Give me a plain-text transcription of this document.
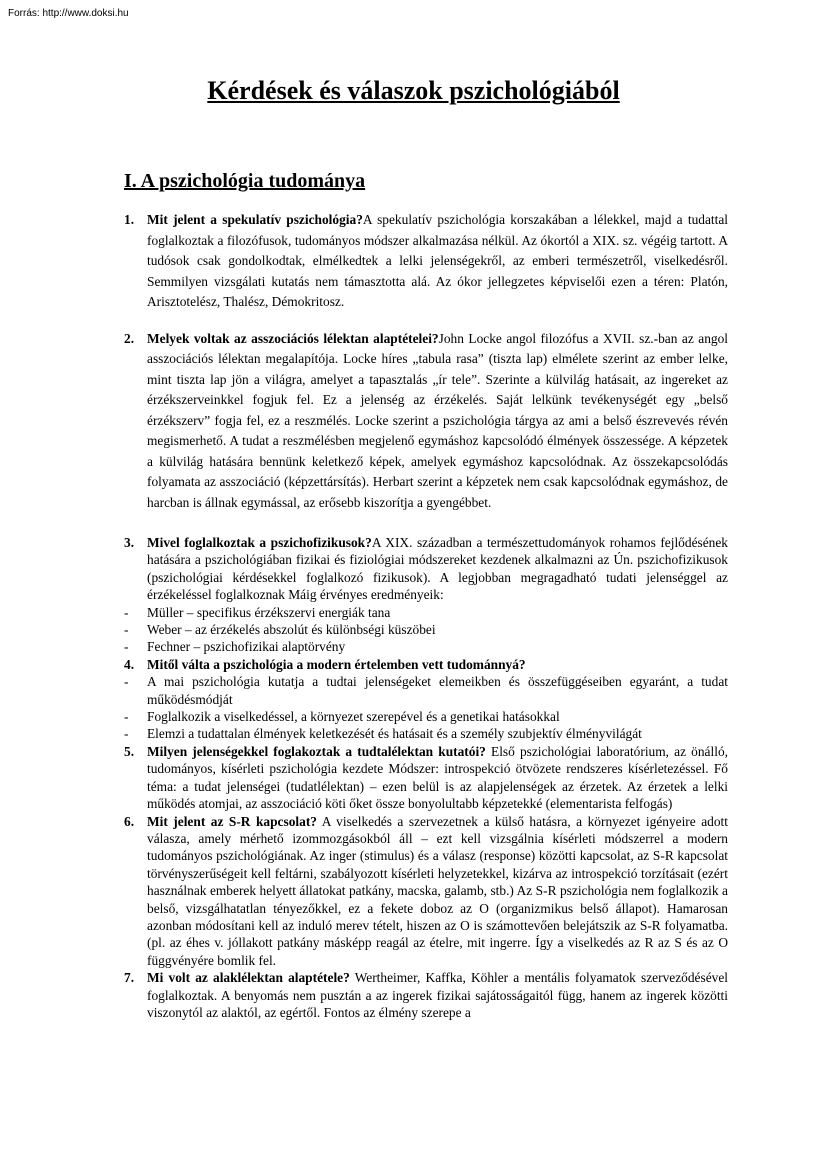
Forrás: http://www.doksi.hu
Kérdések és válaszok pszichológiából
I. A pszichológia tudománya
1. Mit jelent a spekulatív pszichológia?A spekulatív pszichológia korszakában a lélekkel, majd a tudattal foglalkoztak a filozófusok, tudományos módszer alkalmazása nélkül. Az ókortól a XIX. sz. végéig tartott. A tudósok csak gondolkodtak, elmélkedtek a lelki jelenségekről, az emberi természetről, viselkedésről. Semmilyen vizsgálati kutatás nem támasztotta alá. Az ókor jellegzetes képviselői ezen a téren: Platón, Arisztotelész, Thalész, Démokritosz.
2. Melyek voltak az asszociációs lélektan alaptételei?John Locke angol filozófus a XVII. sz.-ban az angol asszociációs lélektan megalapítója. Locke híres „tabula rasa” (tiszta lap) elmélete szerint az ember lelke, mint tiszta lap jön a világra, amelyet a tapasztalás „ír tele”. Szerinte a külvilág hatásait, az ingereket az érzékszerveinkkel fogjuk fel. Ez a jelenség az érzékelés. Saját lelkünk tevékenységét egy „belső érzékszerv” fogja fel, ez a reszmélés. Locke szerint a pszichológia tárgya az ami a belső észrevevés révén megismerhető. A tudat a reszmélésben megjelenő egymáshoz kapcsolódó élmények összessége. A képzetek a külvilág hatására bennünk keletkező képek, amelyek egymáshoz kapcsolódnak. Az összekapcsolódás folyamata az asszociáció (képzettársítás). Herbart szerint a képzetek nem csak kapcsolódnak egymáshoz, de harcban is állnak egymással, az erősebb kiszorítja a gyengébbet.
3. Mivel foglalkoztak a pszichofizikusok?A XIX. században a természettudományok rohamos fejlődésének hatására a pszichológiában fizikai és fiziológiai módszereket kezdenek alkalmazni az Ún. pszichofizikusok (pszichológiai kérdésekkel foglalkozó fizikusok). A legjobban megragadható tudati jelenséggel az érzékeléssel foglalkoznak Máig érvényes eredményeik:
- Müller – specifikus érzékszervi energiák tana
- Weber – az érzékelés abszolút és különbségi küszöbei
- Fechner – pszichofizikai alaptörvény
4. Mitől válta a pszichológia a modern értelemben vett tudománnyá?
- A mai pszichológia kutatja a tudtai jelenségeket elemeikben és összefüggéseiben egyaránt, a tudat működésmódját
- Foglalkozik a viselkedéssel, a környezet szerepével és a genetikai hatásokkal
- Elemzi a tudattalan élmények keletkezését és hatásait és a személy szubjektív élményvilágát
5. Milyen jelenségekkel foglakoztak a tudtalélektan kutatói? Első pszichológiai laboratórium, az önálló, tudományos, kísérleti pszichológia kezdete Módszer: introspekció ötvözete rendszeres kísérletezéssel. Fő téma: a tudat jelenségei (tudatlélektan) – ezen belül is az alapjelenségek az érzetek. Az érzetek a lelki működés atomjai, az asszociáció köti őket össze bonyolultabb képzetekké (elementarista felfogás)
6. Mit jelent az S-R kapcsolat? A viselkedés a szervezetnek a külső hatásra, a környezet igényeire adott válasza, amely mérhető izommozgásokból áll – ezt kell vizsgálnia kísérleti módszerrel a modern tudományos pszichológiának. Az inger (stimulus) és a válasz (response) közötti kapcsolat, az S-R kapcsolat törvényszerűségeit kell feltárni, szabályozott kísérleti helyzetekkel, kizárva az introspekció torzításait (ezért használnak emberek helyett állatokat patkány, macska, galamb, stb.) Az S-R pszichológia nem foglalkozik a belső, vizsgálhatatlan tényezőkkel, ez a fekete doboz az O (organizmikus belső állapot). Hamarosan azonban módosítani kell az induló merev tételt, hiszen az O is számottevően belejátszik az S-R folyamatba. (pl. az éhes v. jóllakott patkány másképp reagál az ételre, mit ingerre. Így a viselkedés az R az S és az O függvényére bomlik fel.
7. Mi volt az alaklélektan alaptétele? Wertheimer, Kaffka, Köhler a mentális folyamatok szerveződésével foglalkoztak. A benyomás nem pusztán a az ingerek fizikai sajátosságaitól függ, hanem az ingerek közötti viszonytól az alaktól, az egértől. Fontos az élmény szerepe a
